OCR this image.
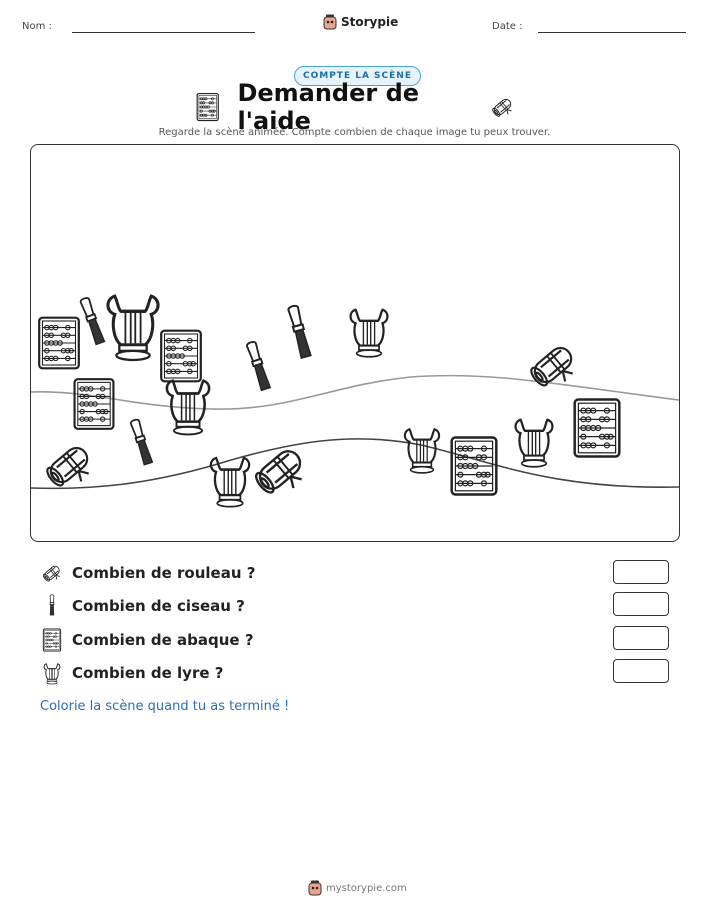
Nom :	Storypie	Date :
COMPTE LA SCÈNE
Demander de l'aide
Regarde la scène animée. Compte combien de chaque image tu peux trouver.
Combien de rouleau ?
Combien de ciseau ?
Combien de abaque ?
Combien de lyre ?
Colorie la scène quand tu as terminé !
mystorypie.com
